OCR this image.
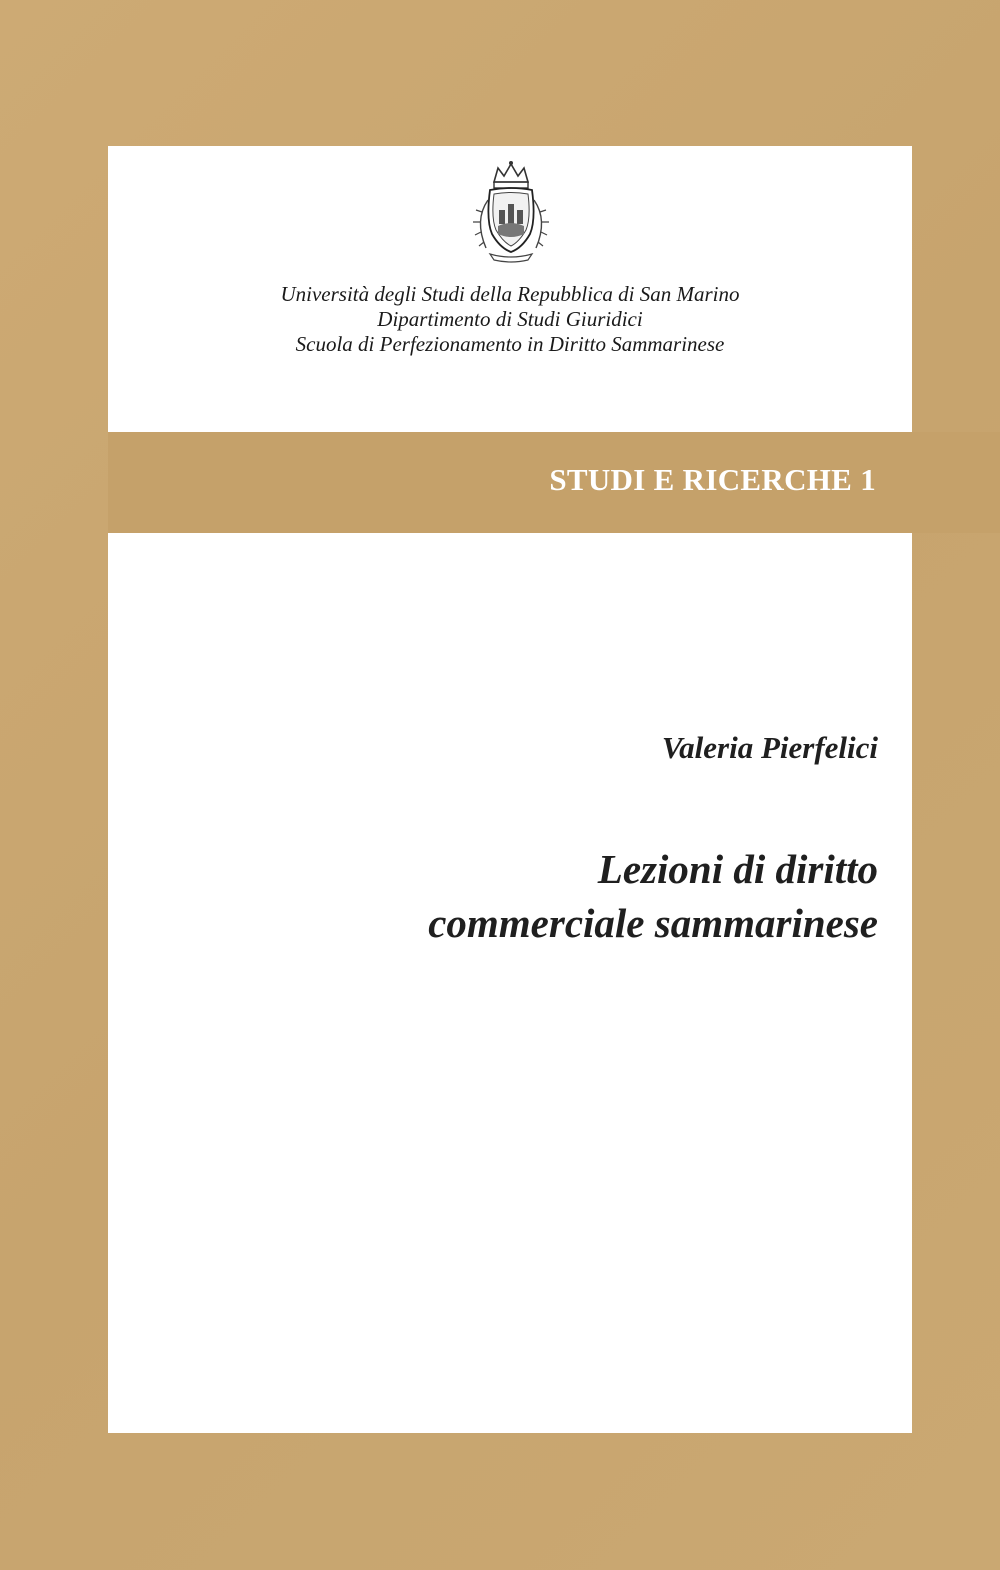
Università degli Studi della Repubblica di San Marino
Dipartimento di Studi Giuridici
Scuola di Perfezionamento in Diritto Sammarinese
STUDI E RICERCHE 1
Valeria Pierfelici
Lezioni di diritto
commerciale sammarinese
